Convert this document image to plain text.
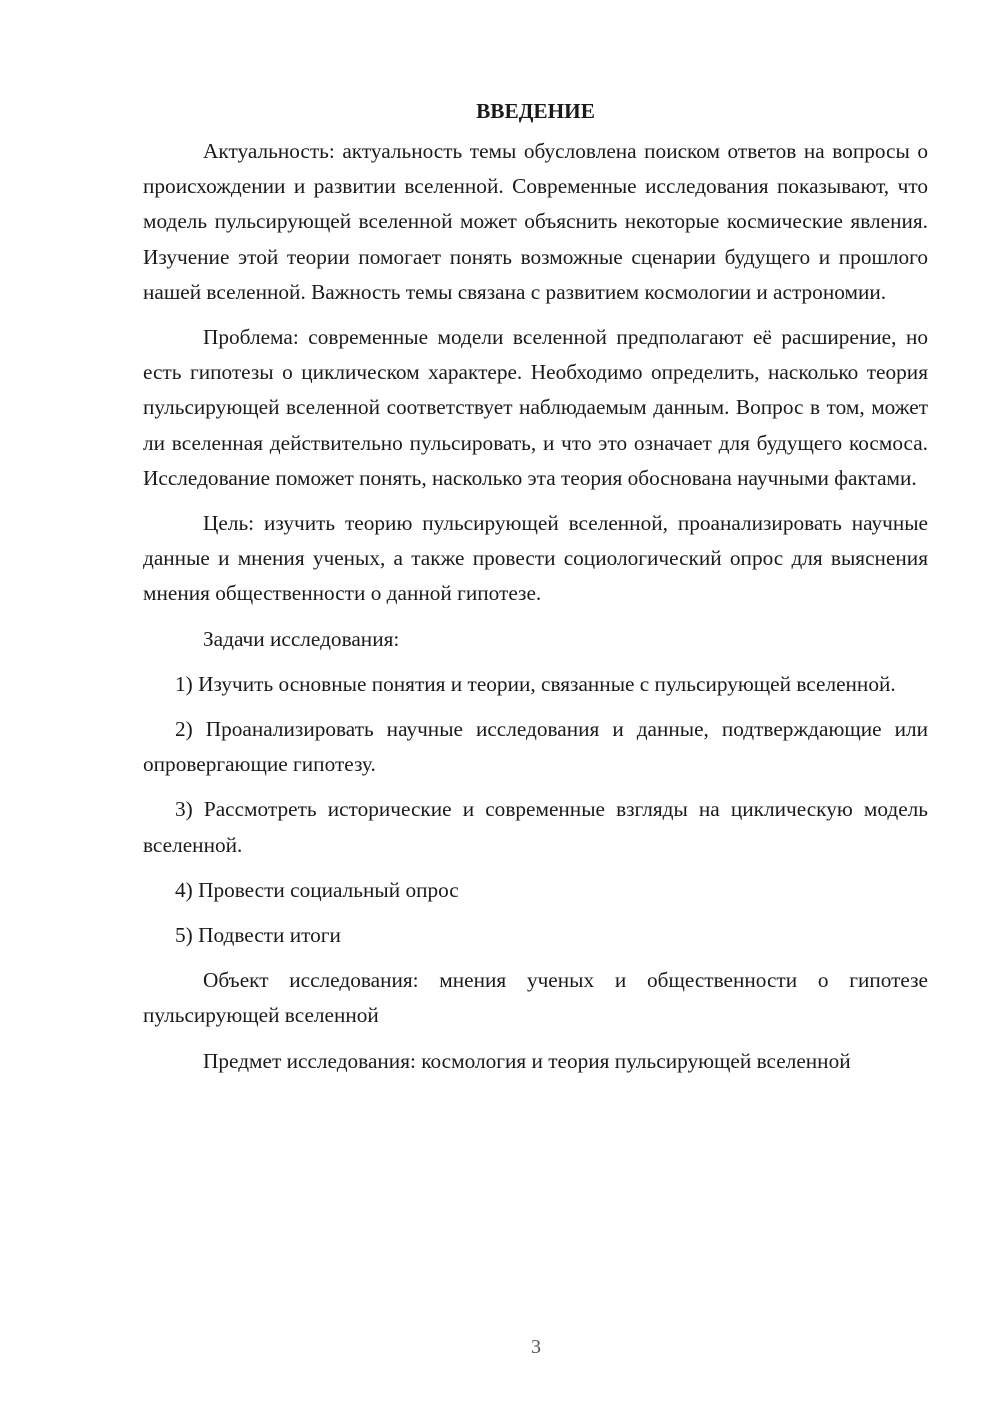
ВВЕДЕНИЕ

Актуальность: актуальность темы обусловлена поиском ответов на вопросы о происхождении и развитии вселенной. Современные исследования показывают, что модель пульсирующей вселенной может объяснить некоторые космические явления. Изучение этой теории помогает понять возможные сценарии будущего и прошлого нашей вселенной. Важность темы связана с развитием космологии и астрономии.

Проблема: современные модели вселенной предполагают её расширение, но есть гипотезы о циклическом характере. Необходимо определить, насколько теория пульсирующей вселенной соответствует наблюдаемым данным. Вопрос в том, может ли вселенная действительно пульсировать, и что это означает для будущего космоса. Исследование поможет понять, насколько эта теория обоснована научными фактами.

Цель: изучить теорию пульсирующей вселенной, проанализировать научные данные и мнения ученых, а также провести социологический опрос для выяснения мнения общественности о данной гипотезе.

Задачи исследования:

1) Изучить основные понятия и теории, связанные с пульсирующей вселенной.

2) Проанализировать научные исследования и данные, подтверждающие или опровергающие гипотезу.

3) Рассмотреть исторические и современные взгляды на циклическую модель вселенной.

4) Провести социальный опрос

5) Подвести итоги

Объект исследования: мнения ученых и общественности о гипотезе пульсирующей вселенной

Предмет исследования: космология и теория пульсирующей вселенной

3
